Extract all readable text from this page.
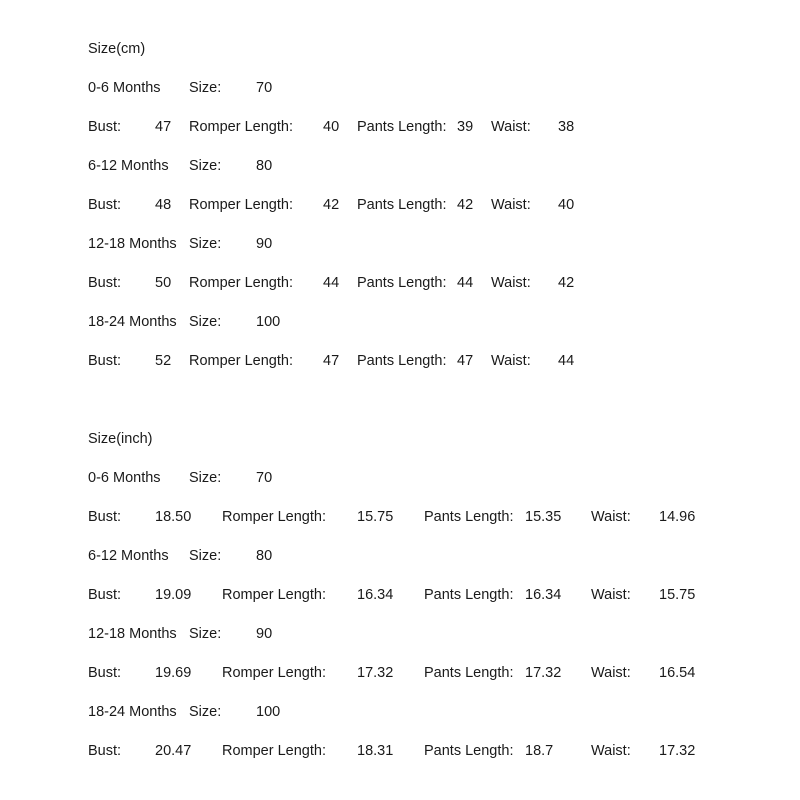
Size(cm)
0-6 Months Size: 70
Bust: 47 Romper Length: 40 Pants Length: 39 Waist: 38
6-12 Months Size: 80
Bust: 48 Romper Length: 42 Pants Length: 42 Waist: 40
12-18 Months Size: 90
Bust: 50 Romper Length: 44 Pants Length: 44 Waist: 42
18-24 Months Size: 100
Bust: 52 Romper Length: 47 Pants Length: 47 Waist: 44
Size(inch)
0-6 Months Size: 70
Bust: 18.50 Romper Length: 15.75 Pants Length: 15.35 Waist: 14.96
6-12 Months Size: 80
Bust: 19.09 Romper Length: 16.34 Pants Length: 16.34 Waist: 15.75
12-18 Months Size: 90
Bust: 19.69 Romper Length: 17.32 Pants Length: 17.32 Waist: 16.54
18-24 Months Size: 100
Bust: 20.47 Romper Length: 18.31 Pants Length: 18.7	Waist: 17.32
